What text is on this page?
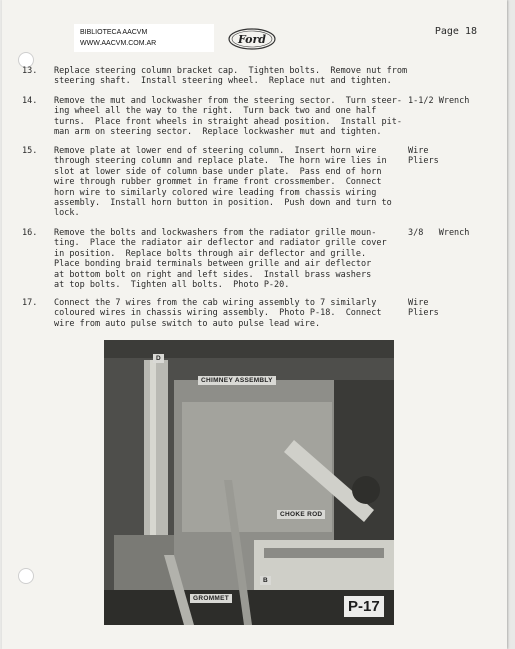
BIBLIOTECA AACVM
WWW.AACVM.COM.AR	Ford
Page 18
13. Replace steering column bracket cap.  Tighten bolts.  Remove nut from
steering shaft.  Install steering wheel.  Replace nut and tighten.
14. Remove the mut and lockwasher from the steering sector.  Turn steer-
ing wheel all the way to the right.  Turn back two and one half
turns.  Place front wheels in straight ahead position.  Install pit-
man arm on steering sector.  Replace lockwasher mut and tighten.
1-1/2 Wrench
15. Remove plate at lower end of steering column.  Insert horn wire
through steering column and replace plate.  The horn wire lies in
slot at lower side of column base under plate.  Pass end of horn
wire through rubber grommet in frame front crossmember.  Connect
horn wire to similarly colored wire leading from chassis wiring
assembly.  Install horn button in position.  Push down and turn to
lock.
Wire
Pliers
16. Remove the bolts and lockwashers from the radiator grille moun-
ting.  Place the radiator air deflector and radiator grille cover
in position.  Replace bolts through air deflector and grille.
Place bonding braid terminals between grille and air deflector
at bottom bolt on right and left sides.  Install brass washers
at top bolts.  Tighten all bolts.  Photo P-20.
3/8   Wrench
17. Connect the 7 wires from the cab wiring assembly to 7 similarly
coloured wires in chassis wiring assembly.  Photo P-18.  Connect
wire from auto pulse switch to auto pulse lead wire.
Wire
Pliers
D
CHIMNEY ASSEMBLY
CHOKE ROD
GROMMET
B
P-17
